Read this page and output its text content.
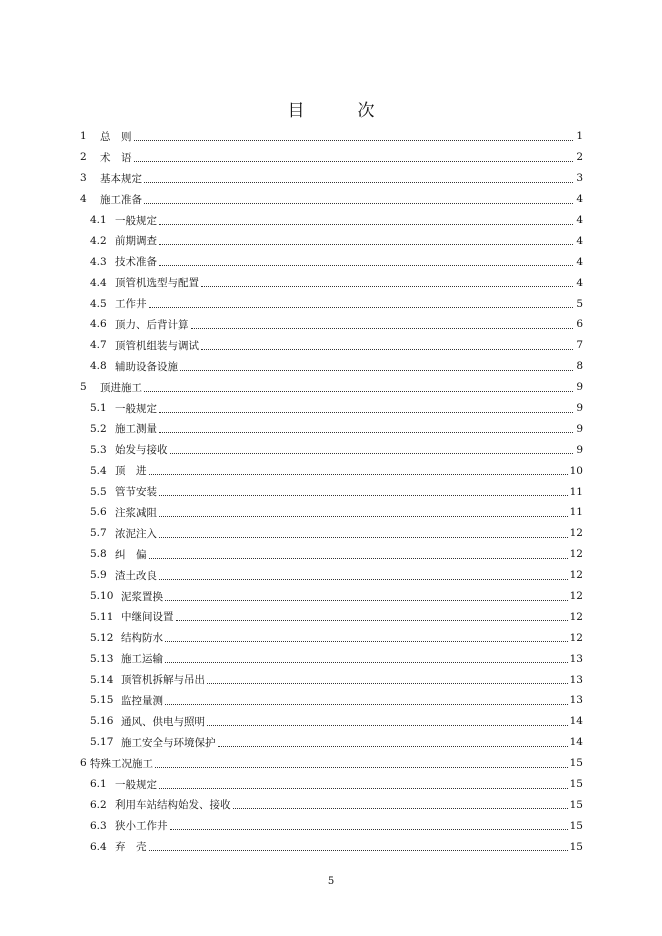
目　次
1	总　则	1
2	术　语	2
3	基本规定	3
4	施工准备	4
4.1 一般规定	4
4.2 前期调查	4
4.3 技术准备	4
4.4 顶管机选型与配置	4
4.5 工作井	5
4.6 顶力、后背计算	6
4.7 顶管机组装与调试	7
4.8 辅助设备设施	8
5	顶进施工	9
5.1 一般规定	9
5.2 施工测量	9
5.3 始发与接收	9
5.4 顶　进	10
5.5 管节安装	11
5.6 注浆减阻	11
5.7 浓泥注入	12
5.8 纠　偏	12
5.9 渣土改良	12
5.10 泥浆置换	12
5.11 中继间设置	12
5.12 结构防水	12
5.13 施工运输	13
5.14 顶管机拆解与吊出	13
5.15 监控量测	13
5.16 通风、供电与照明	14
5.17 施工安全与环境保护	14
6 特殊工况施工	15
6.1 一般规定	15
6.2 利用车站结构始发、接收	15
6.3 狭小工作井	15
6.4 弃　壳	15
5
